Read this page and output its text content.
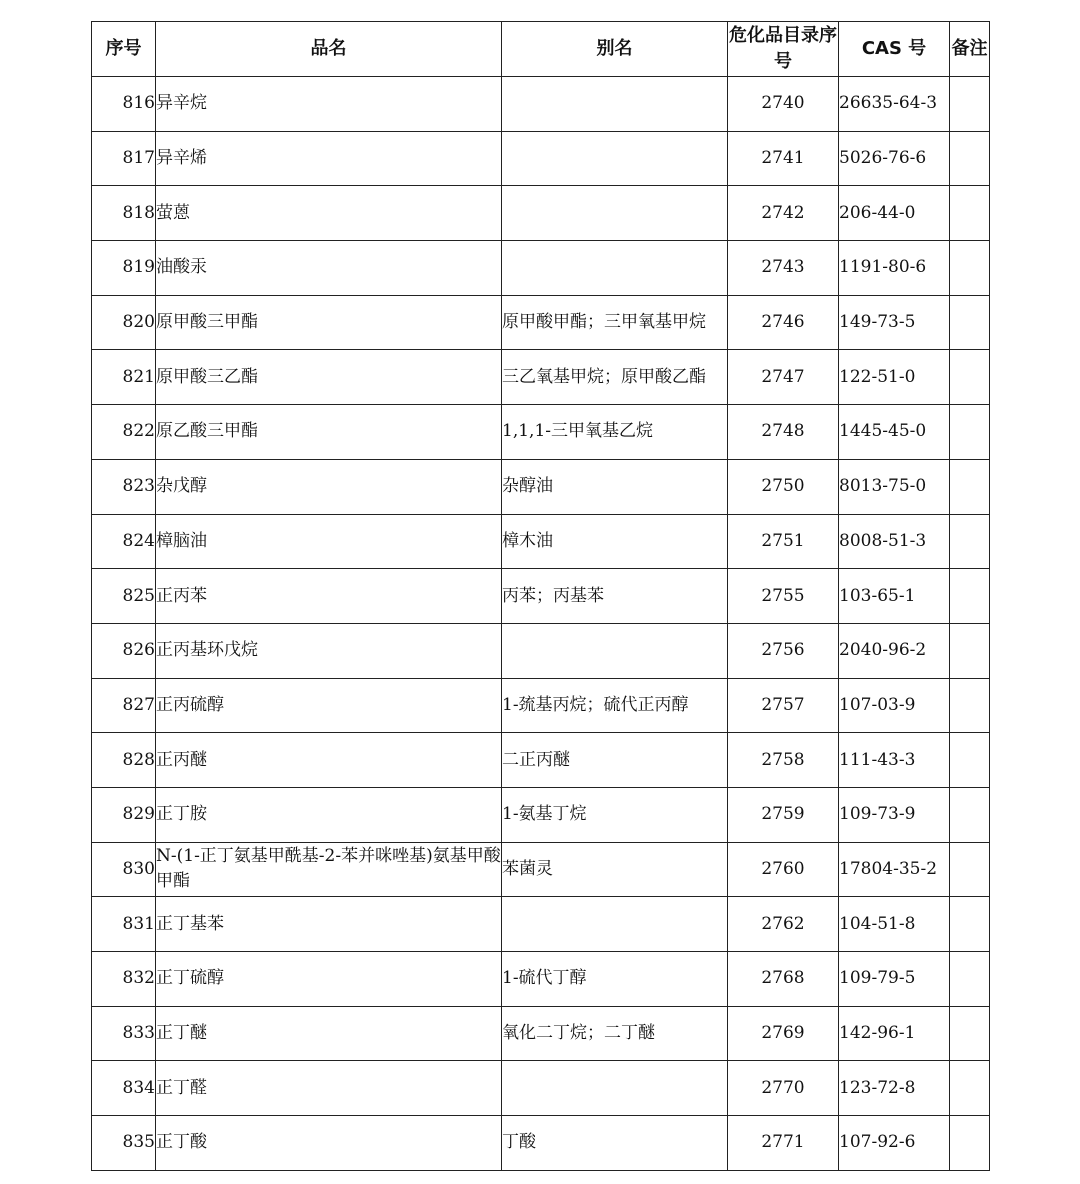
序号	品名	别名	危化品目录序号	CAS 号	备注
816	异辛烷		2740	26635-64-3	
817	异辛烯		2741	5026-76-6	
818	萤蒽		2742	206-44-0	
819	油酸汞		2743	1191-80-6	
820	原甲酸三甲酯	原甲酸甲酯；三甲氧基甲烷	2746	149-73-5	
821	原甲酸三乙酯	三乙氧基甲烷；原甲酸乙酯	2747	122-51-0	
822	原乙酸三甲酯	1,1,1-三甲氧基乙烷	2748	1445-45-0	
823	杂戊醇	杂醇油	2750	8013-75-0	
824	樟脑油	樟木油	2751	8008-51-3	
825	正丙苯	丙苯；丙基苯	2755	103-65-1	
826	正丙基环戊烷		2756	2040-96-2	
827	正丙硫醇	1-巯基丙烷；硫代正丙醇	2757	107-03-9	
828	正丙醚	二正丙醚	2758	111-43-3	
829	正丁胺	1-氨基丁烷	2759	109-73-9	
830	N-(1-正丁氨基甲酰基-2-苯并咪唑基)氨基甲酸甲酯	苯菌灵	2760	17804-35-2	
831	正丁基苯		2762	104-51-8	
832	正丁硫醇	1-硫代丁醇	2768	109-79-5	
833	正丁醚	氧化二丁烷；二丁醚	2769	142-96-1	
834	正丁醛		2770	123-72-8	
835	正丁酸	丁酸	2771	107-92-6	
